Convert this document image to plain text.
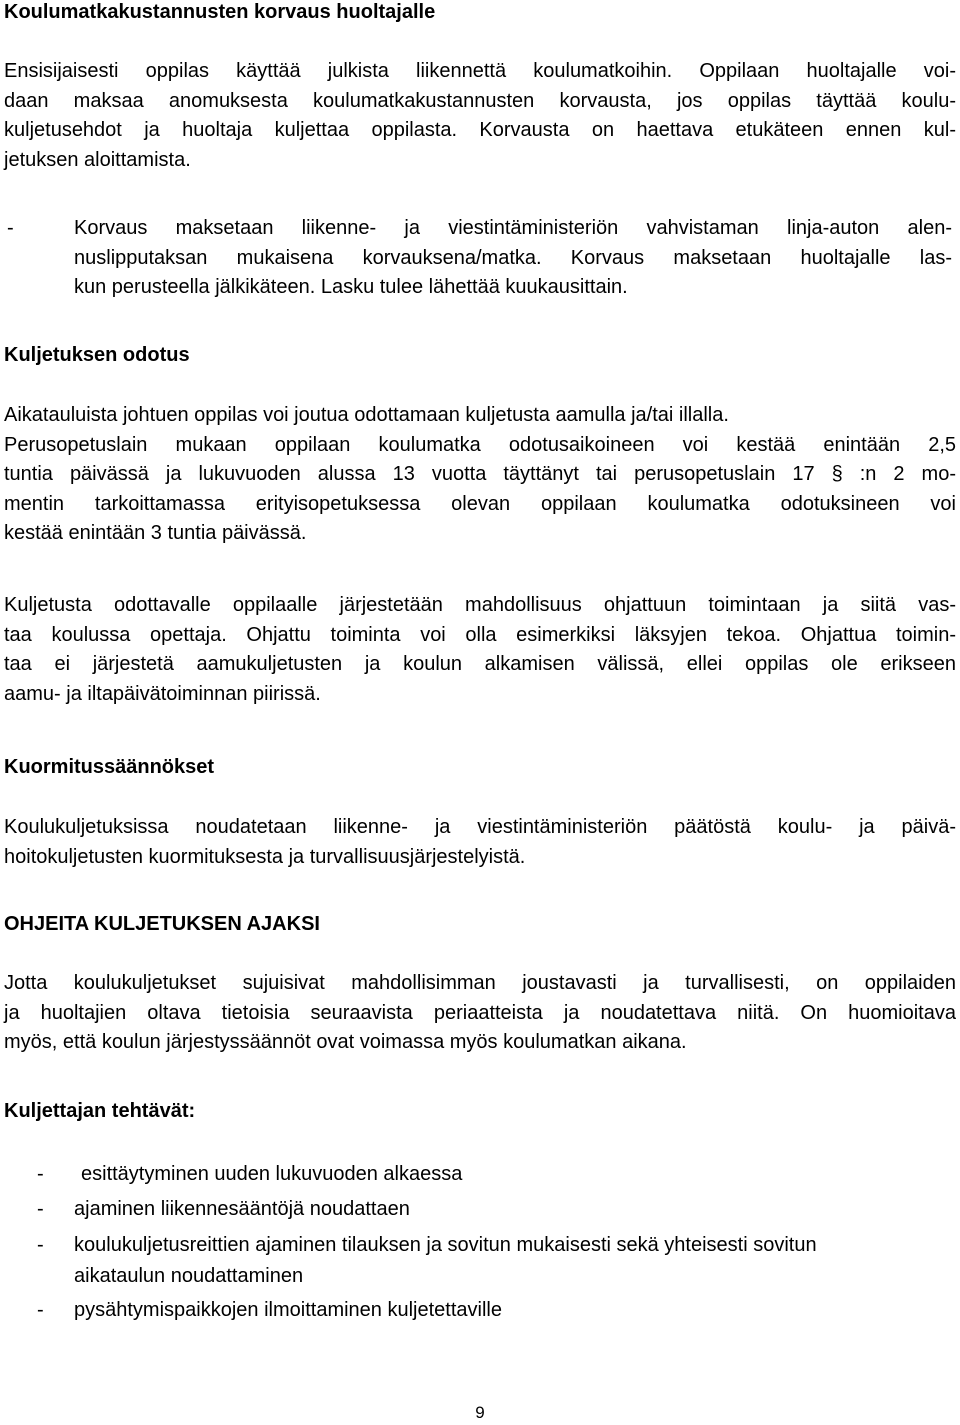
Koulumatkakustannusten korvaus huoltajalle
Ensisijaisesti oppilas käyttää julkista liikennettä koulumatkoihin. Oppilaan huoltajalle voi-
daan maksaa anomuksesta koulumatkakustannusten korvausta, jos oppilas täyttää koulu-
kuljetusehdot ja huoltaja kuljettaa oppilasta. Korvausta on haettava etukäteen ennen kul-
jetuksen aloittamista.
-	Korvaus maksetaan liikenne- ja viestintäministeriön vahvistaman linja-auton alen-
nuslipputaksan mukaisena korvauksena/matka. Korvaus maksetaan huoltajalle las-
kun perusteella jälkikäteen. Lasku tulee lähettää kuukausittain.
Kuljetuksen odotus
Aikatauluista johtuen oppilas voi joutua odottamaan kuljetusta aamulla ja/tai illalla.
Perusopetuslain mukaan oppilaan koulumatka odotusaikoineen voi kestää enintään 2,5
tuntia päivässä ja lukuvuoden alussa 13 vuotta täyttänyt tai perusopetuslain 17 § :n 2 mo-
mentin tarkoittamassa erityisopetuksessa olevan oppilaan koulumatka odotuksineen voi
kestää enintään 3 tuntia päivässä.
Kuljetusta odottavalle oppilaalle järjestetään mahdollisuus ohjattuun toimintaan ja siitä vas-
taa koulussa opettaja. Ohjattu toiminta voi olla esimerkiksi läksyjen tekoa. Ohjattua toimin-
taa ei järjestetä aamukuljetusten ja koulun alkamisen välissä, ellei oppilas ole erikseen
aamu- ja iltapäivätoiminnan piirissä.
Kuormitussäännökset
Koulukuljetuksissa noudatetaan liikenne- ja viestintäministeriön päätöstä koulu- ja päivä-
hoitokuljetusten kuormituksesta ja turvallisuusjärjestelyistä.
OHJEITA KULJETUKSEN AJAKSI
Jotta koulukuljetukset sujuisivat mahdollisimman joustavasti ja turvallisesti, on oppilaiden
ja huoltajien oltava tietoisia seuraavista periaatteista ja noudatettava niitä. On huomioitava
myös, että koulun järjestyssäännöt ovat voimassa myös koulumatkan aikana.
Kuljettajan tehtävät:
- esittäytyminen uuden lukuvuoden alkaessa
- ajaminen liikennesääntöjä noudattaen
- koulukuljetusreittien ajaminen tilauksen ja sovitun mukaisesti sekä yhteisesti sovitun
aikataulun noudattaminen
- pysähtymispaikkojen ilmoittaminen kuljetettaville
9
